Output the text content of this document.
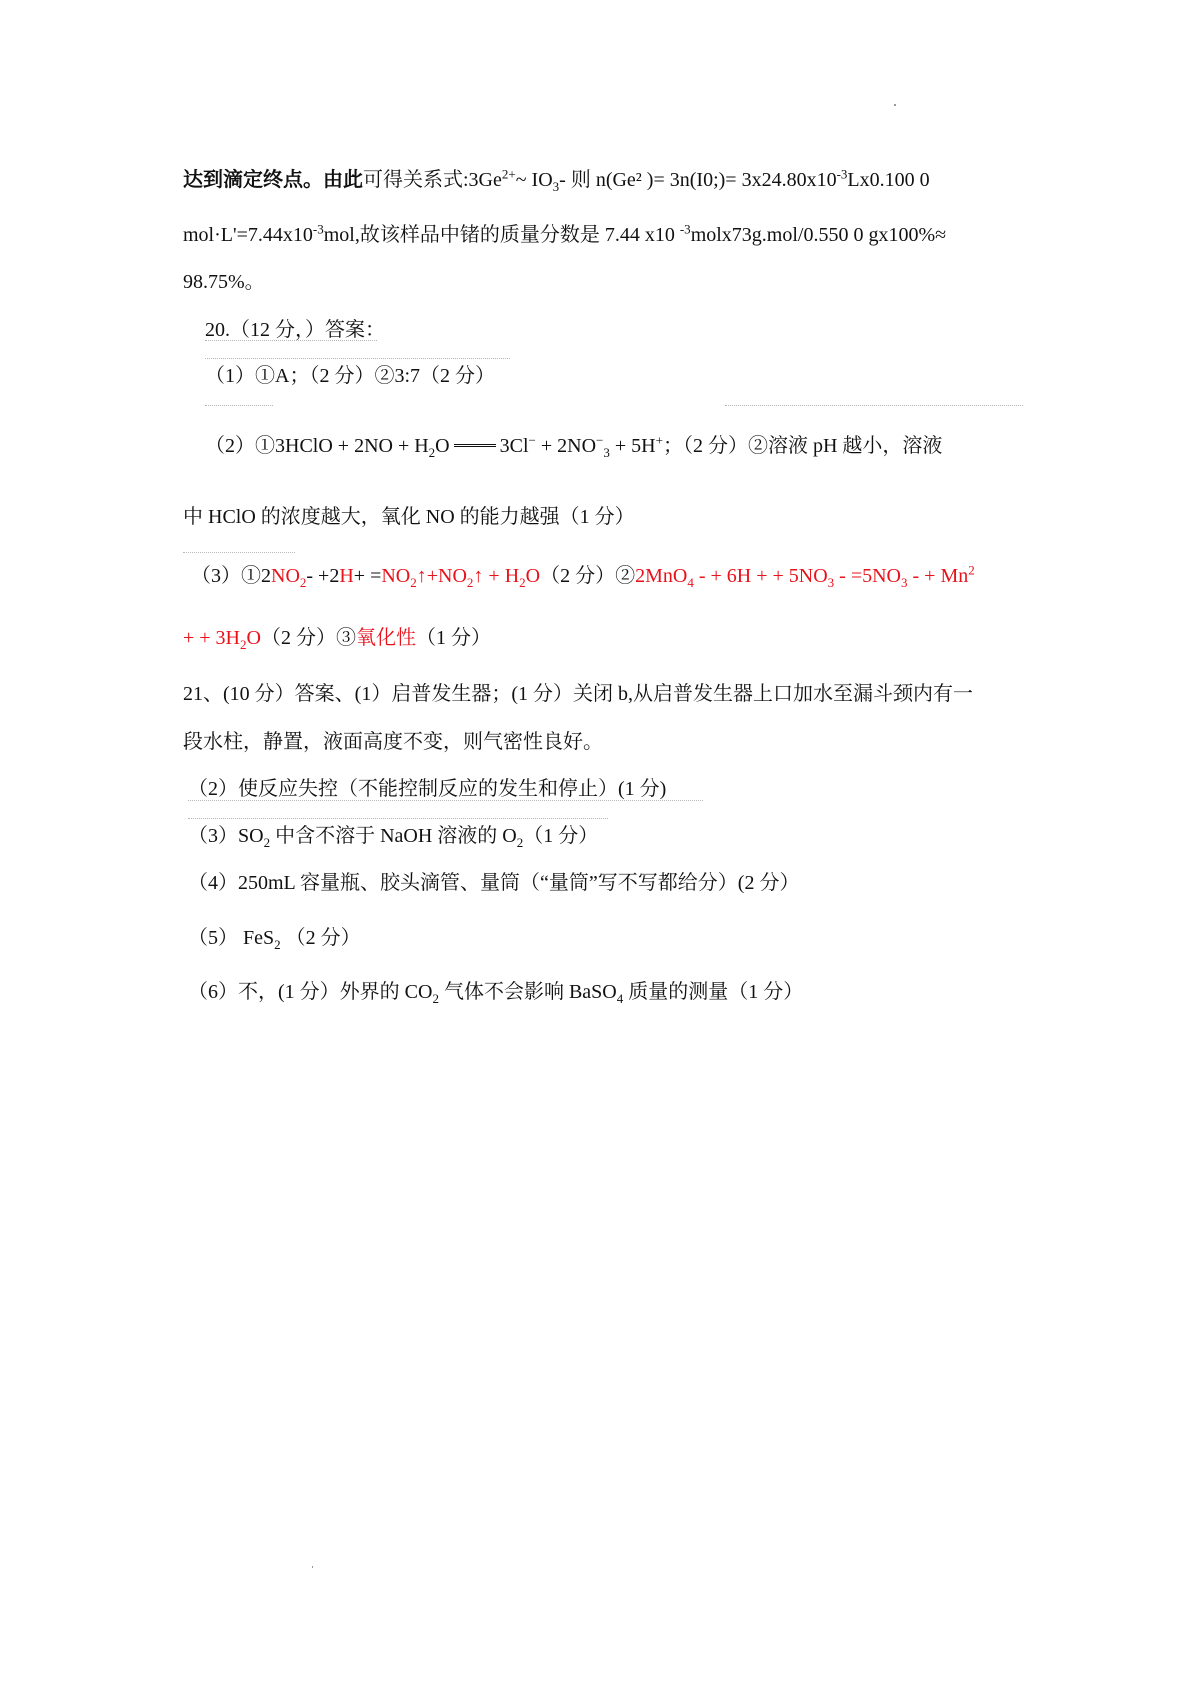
达到滴定终点。由此可得关系式$:3Ge^{2+}\sim$ $IO_3-$ 则 n(Ge² )= 3n(I0;)= $3x24.80x10^{-3}Lx0.100$ 0
$mol\cdot L'=7.44x10^{-3}mol$,故该样品中锗的质量分数是 7.44 x10 $^{-3}$molx73g.mol/0.550 0 gx100%≈
98.75%。
20.（12 分，）答案：
（1）①A；（2 分）②3:7（2 分）
（2）①3HClO + $2NO + H_2O$	$3Cl^- + 2NO^-_3 + 5H^+$；（2 分）②溶液 pH 越小，溶液
中 HClO 的浓度越大，氧化 NO 的能力越强（1 分）
$(3)①2NO_2- +2H+$ $=NO_2↑+NO_2↑ + H_2O(2$ 分）②2MnO$_4$ - + 6H + + $5NO_3 - =5NO_3$ - + $Mn^2$
+ + $3H_2O(2$ 分）③氧化性（1 分）
21、(10 分）答案、(1）启普发生器；(1 分）关闭 b,从启普发生器上口加水至漏斗颈内有一
段水柱，静置，液面高度不变，则气密性良好。
（2）使反应失控（不能控制反应的发生和停止）(1 分)
$(3)SO_2$ 中含不溶于 NaOH 溶液的 $O_2(1$ 分）
（4）250mL 容量瓶、胶头滴管、量筒（“量筒”写不写都给分）(2 分）
（5） FeS$_2$ （2 分）
（6）不，(1 分）外界的 $CO_2$ 气体不会影响 BaSO$_4$ 质量的测量（1 分）
